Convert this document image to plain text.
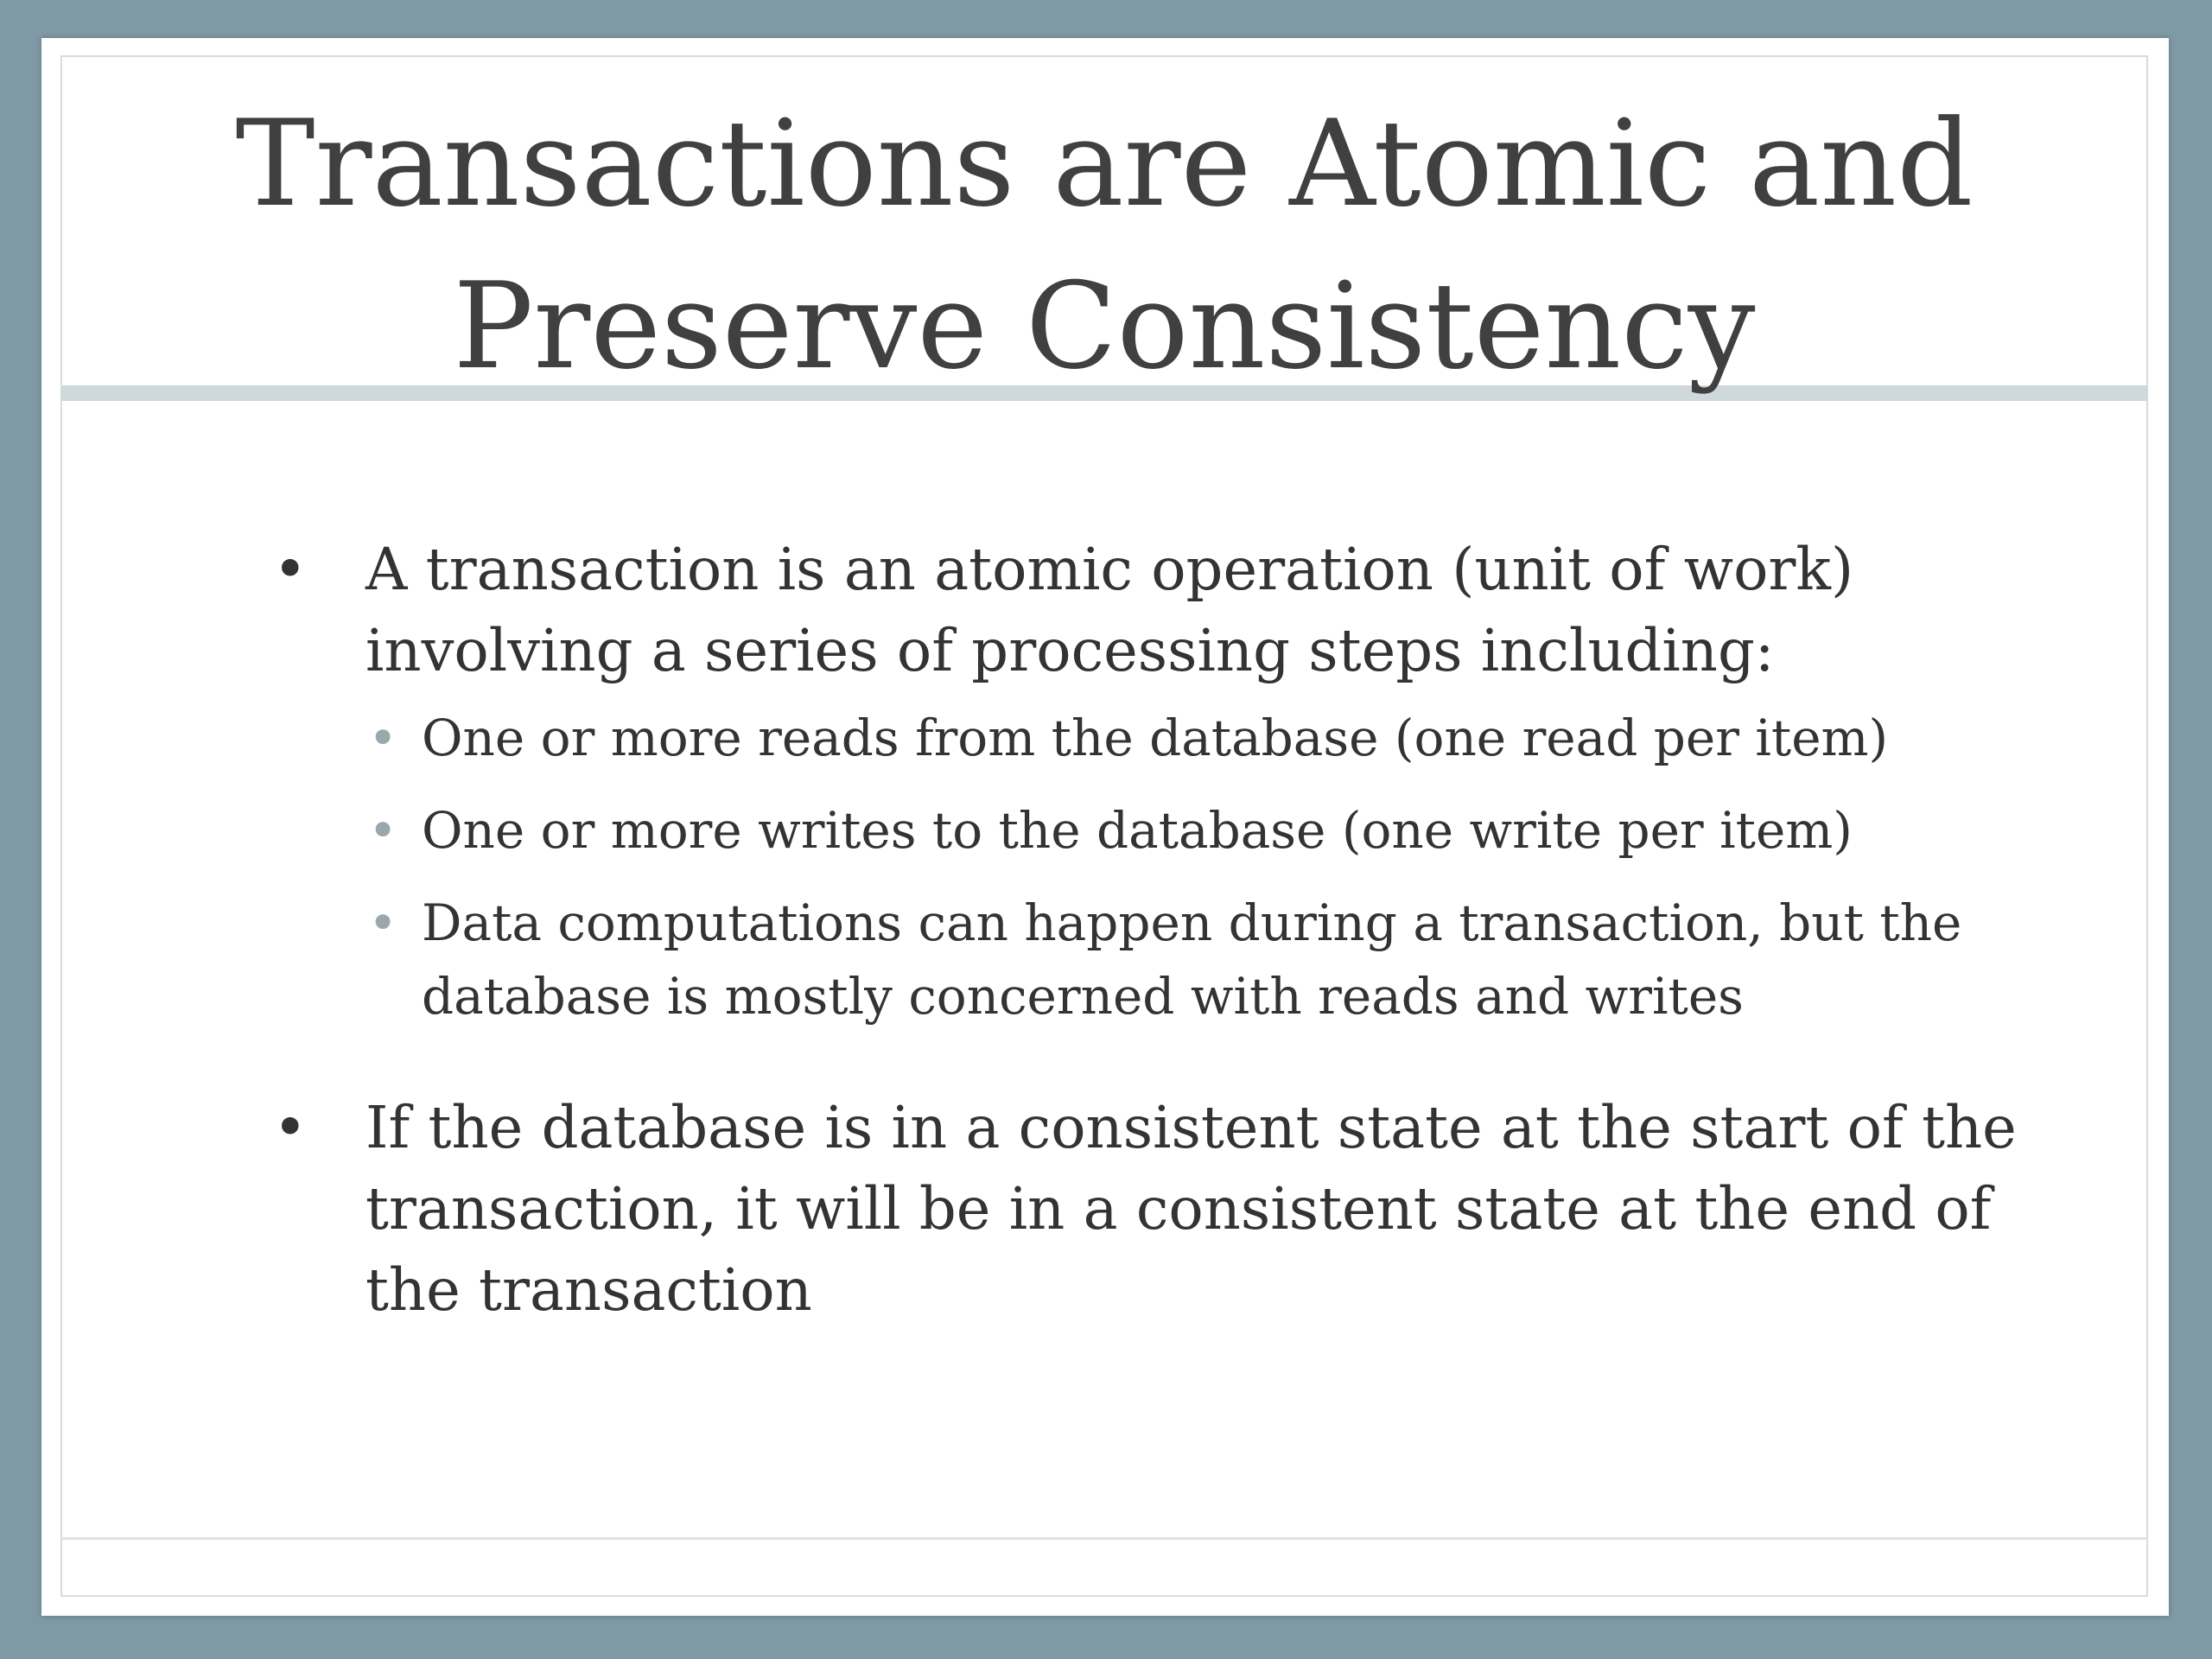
Transactions are Atomic and
Preserve Consistency
• A transaction is an atomic operation (unit of work)
involving a series of processing steps including:
• One or more reads from the database (one read per item)
• One or more writes to the database (one write per item)
• Data computations can happen during a transaction, but the
database is mostly concerned with reads and writes
• If the database is in a consistent state at the start of the
transaction, it will be in a consistent state at the end of
the transaction
